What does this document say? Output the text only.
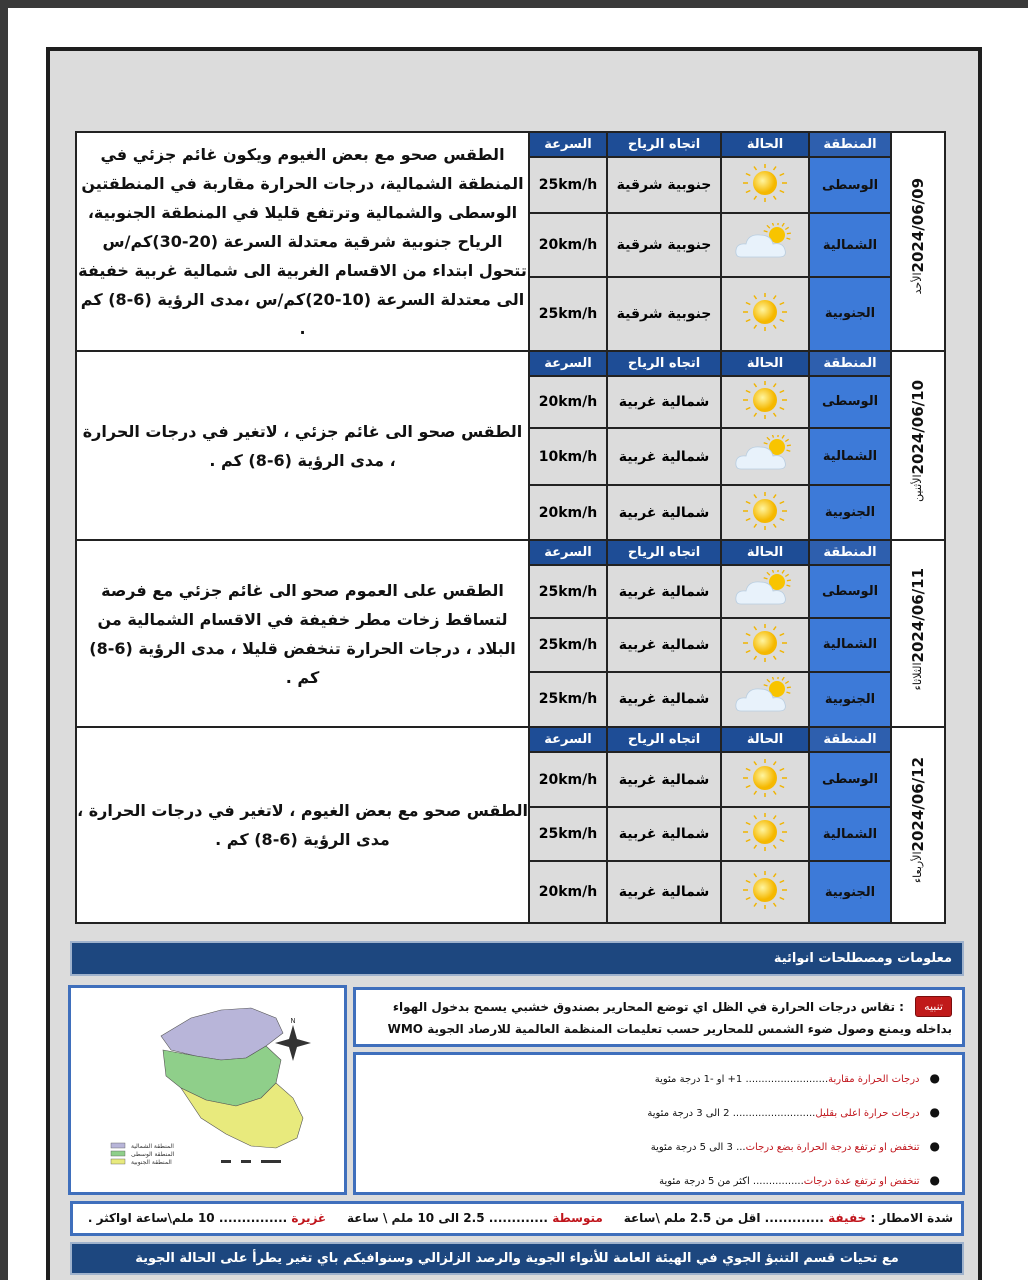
2024/06/09الأحد	المنطقة	الحالة	اتجاه الرياح	السرعة	الطقس صحو مع بعض الغيوم ويكون غائم جزئي في المنطقة الشمالية، درجات الحرارة مقاربة في المنطقتين الوسطى والشمالية وترتفع قليلا في المنطقة الجنوبية، الرياح جنوبية شرقية معتدلة السرعة (20-30)كم/س تتحول ابتداء من الاقسام الغربية الى شمالية غربية خفيفة الى معتدلة السرعة (10-20)كم/س ،مدى الرؤية (6-8) كم .
	الوسطى		جنوبية شرقية	25km/h	
	الشمالية		جنوبية شرقية	20km/h	
	الجنوبية		جنوبية شرقية	25km/h	
2024/06/10الأثنين	المنطقة	الحالة	اتجاه الرياح	السرعة	الطقس صحو الى غائم جزئي ، لاتغير في درجات الحرارة ، مدى الرؤية (6-8) كم .
	الوسطى		شمالية غربية	20km/h	
	الشمالية		شمالية غربية	10km/h	
	الجنوبية		شمالية غربية	20km/h	
2024/06/11الثلاثاء	المنطقة	الحالة	اتجاه الرياح	السرعة	الطقس على العموم صحو الى غائم جزئي مع فرصة لتساقط زخات مطر خفيفة في الاقسام الشمالية من البلاد ، درجات الحرارة تنخفض قليلا ، مدى الرؤية (6-8) كم .
	الوسطى		شمالية غربية	25km/h	
	الشمالية		شمالية غربية	25km/h	
	الجنوبية		شمالية غربية	25km/h	
2024/06/12الأربعاء	المنطقة	الحالة	اتجاه الرياح	السرعة	الطقس صحو مع بعض الغيوم ، لاتغير في درجات الحرارة ، مدى الرؤية (6-8) كم .
	الوسطى		شمالية غربية	20km/h	
	الشمالية		شمالية غربية	25km/h	
	الجنوبية		شمالية غربية	20km/h	
معلومات ومصطلحات انوائية
N
المنطقة الشمالية
المنطقة الوسطى
المنطقة الجنوبية
تنبيه : تقاس درجات الحرارة في الظل اي توضع المحارير بصندوق خشبي يسمح بدخول الهواء بداخله ويمنع وصول ضوء الشمس للمحارير حسب تعليمات المنظمة العالمية للارصاد الجوية WMO
●درجات الحرارة مقاربة.......................... 1+ او -1 درجة مئوية
●درجات حرارة اعلى بقليل.......................... 2 الى 3 درجة مئوية
●تنخفض او ترتفع درجة الحرارة بضع درجات... 3 الى 5 درجة مئوية
●تنخفض او ترتفع عدة درجات................ اكثر من 5 درجة مئوية
شدة الامطار : خفيفة ............. اقل من 2.5 ملم \ساعة     متوسطة ............. 2.5 الى 10 ملم \ ساعة     غزيرة ............... 10 ملم\ساعة اواكثر .
مع تحيات قسم التنبؤ الجوي في الهيئة العامة للأنواء الجوية والرصد الزلزالي وسنوافيكم باي تغير يطرأ على الحالة الجوية
